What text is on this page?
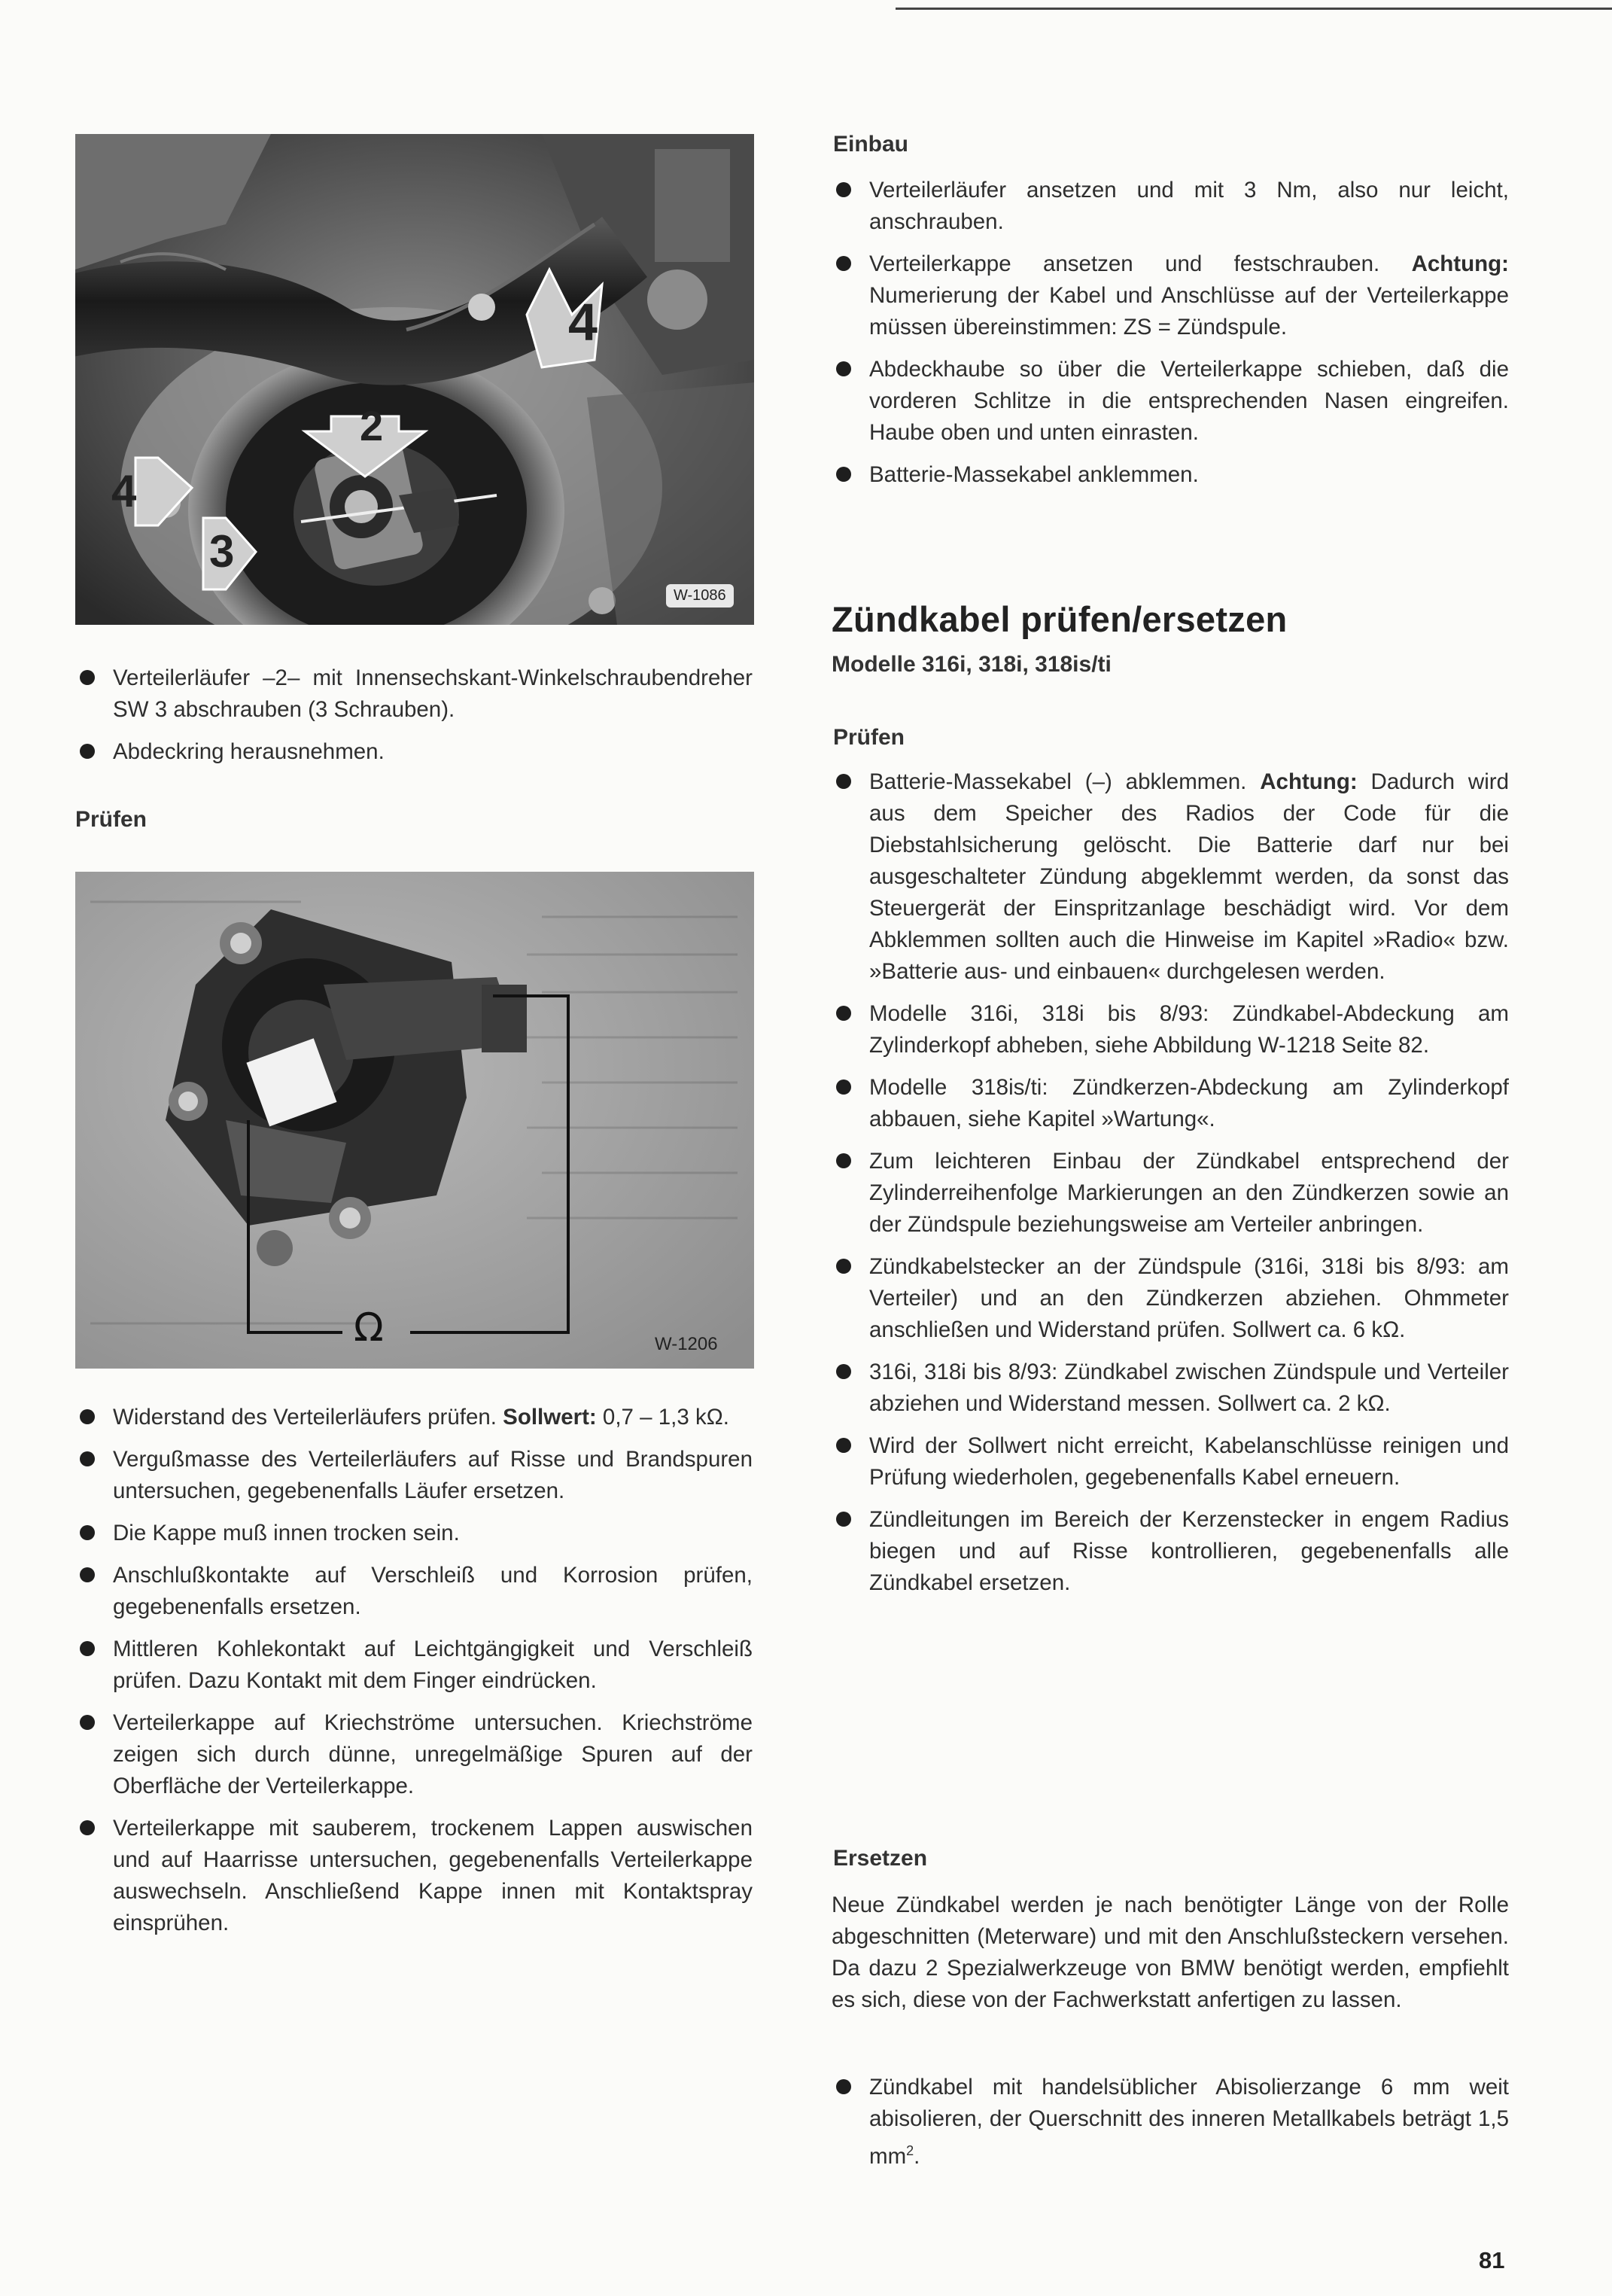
4
2
4
3
W-1086
Ω	W-1206
Verteilerläufer –2– mit Innensechskant-Winkelschraubendreher SW 3 abschrauben (3 Schrauben).
Abdeckring herausnehmen.
Prüfen
Widerstand des Verteilerläufers prüfen. Sollwert: 0,7 – 1,3 kΩ.
Vergußmasse des Verteilerläufers auf Risse und Brandspuren untersuchen, gegebenenfalls Läufer ersetzen.
Die Kappe muß innen trocken sein.
Anschlußkontakte auf Verschleiß und Korrosion prüfen, gegebenenfalls ersetzen.
Mittleren Kohlekontakt auf Leichtgängigkeit und Verschleiß prüfen. Dazu Kontakt mit dem Finger eindrücken.
Verteilerkappe auf Kriechströme untersuchen. Kriechströme zeigen sich durch dünne, unregelmäßige Spuren auf der Oberfläche der Verteilerkappe.
Verteilerkappe mit sauberem, trockenem Lappen auswischen und auf Haarrisse untersuchen, gegebenenfalls Verteilerkappe auswechseln. Anschließend Kappe innen mit Kontaktspray einsprühen.
Einbau
Verteilerläufer ansetzen und mit 3 Nm, also nur leicht, anschrauben.
Verteilerkappe ansetzen und festschrauben. Achtung: Numerierung der Kabel und Anschlüsse auf der Verteilerkappe müssen übereinstimmen: ZS = Zündspule.
Abdeckhaube so über die Verteilerkappe schieben, daß die vorderen Schlitze in die entsprechenden Nasen eingreifen. Haube oben und unten einrasten.
Batterie-Massekabel anklemmen.
Zündkabel prüfen/ersetzen
Modelle 316i, 318i, 318is/ti
Prüfen
Batterie-Massekabel (–) abklemmen. Achtung: Dadurch wird aus dem Speicher des Radios der Code für die Diebstahlsicherung gelöscht. Die Batterie darf nur bei ausgeschalteter Zündung abgeklemmt werden, da sonst das Steuergerät der Einspritzanlage beschädigt wird. Vor dem Abklemmen sollten auch die Hinweise im Kapitel »Radio« bzw. »Batterie aus- und einbauen« durchgelesen werden.
Modelle 316i, 318i bis 8/93: Zündkabel-Abdeckung am Zylinderkopf abheben, siehe Abbildung W-1218 Seite 82.
Modelle 318is/ti: Zündkerzen-Abdeckung am Zylinderkopf abbauen, siehe Kapitel »Wartung«.
Zum leichteren Einbau der Zündkabel entsprechend der Zylinderreihenfolge Markierungen an den Zündkerzen sowie an der Zündspule beziehungsweise am Verteiler anbringen.
Zündkabelstecker an der Zündspule (316i, 318i bis 8/93: am Verteiler) und an den Zündkerzen abziehen. Ohmmeter anschließen und Widerstand prüfen. Sollwert ca. 6 kΩ.
316i, 318i bis 8/93: Zündkabel zwischen Zündspule und Verteiler abziehen und Widerstand messen. Sollwert ca. 2 kΩ.
Wird der Sollwert nicht erreicht, Kabelanschlüsse reinigen und Prüfung wiederholen, gegebenenfalls Kabel erneuern.
Zündleitungen im Bereich der Kerzenstecker in engem Radius biegen und auf Risse kontrollieren, gegebenenfalls alle Zündkabel ersetzen.
Ersetzen
Neue Zündkabel werden je nach benötigter Länge von der Rolle abgeschnitten (Meterware) und mit den Anschlußsteckern versehen. Da dazu 2 Spezialwerkzeuge von BMW benötigt werden, empfiehlt es sich, diese von der Fachwerkstatt anfertigen zu lassen.
Zündkabel mit handelsüblicher Abisolierzange 6 mm weit abisolieren, der Querschnitt des inneren Metallkabels beträgt 1,5 $mm^2$.
81
